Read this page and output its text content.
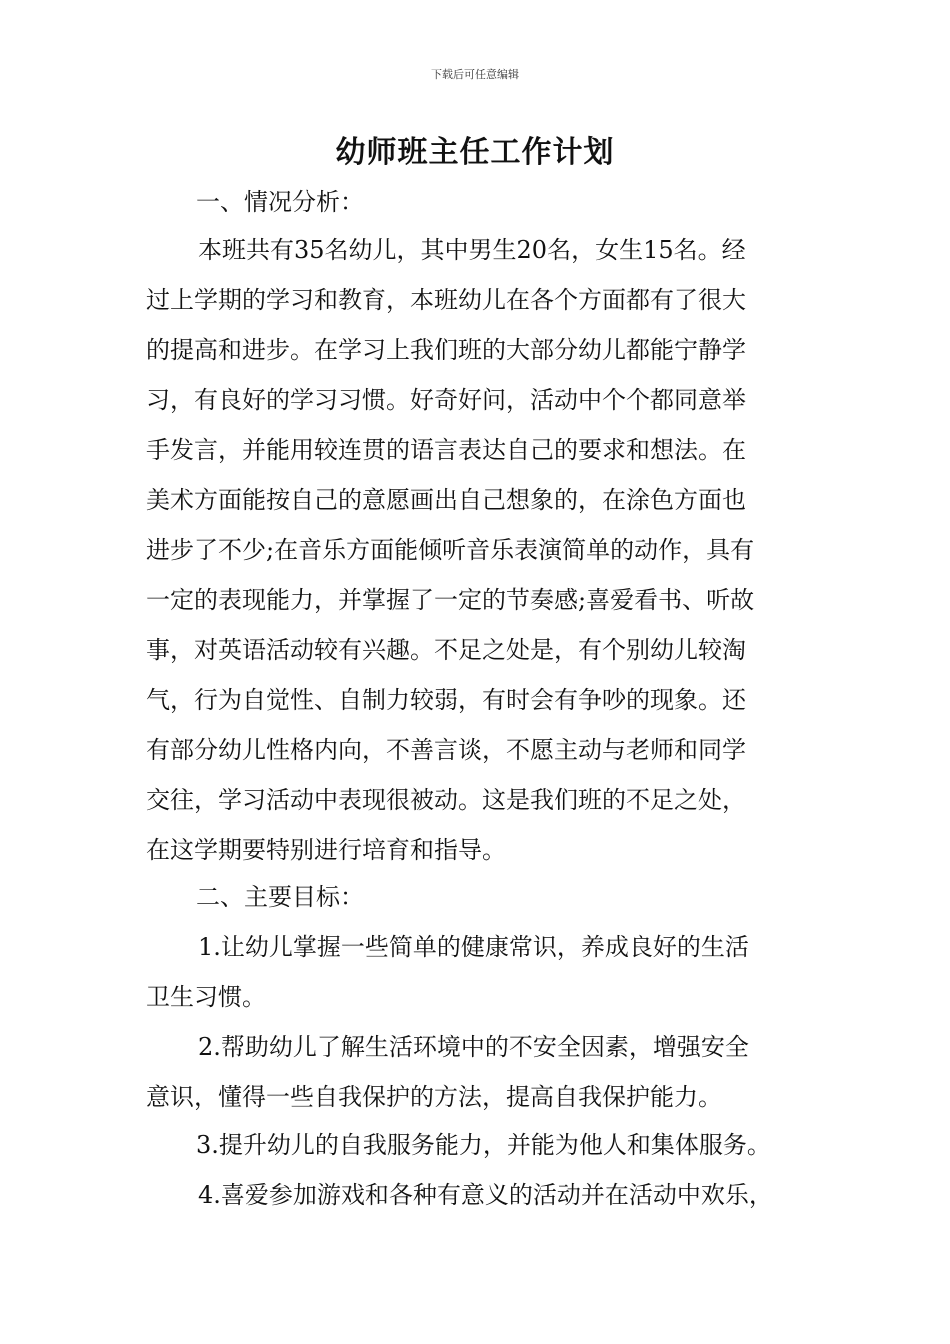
下载后可任意编辑
幼师班主任工作计划
一、情况分析：

本班共有35名幼儿，其中男生20名，女生15名。经

过上学期的学习和教育，本班幼儿在各个方面都有了很大

的提高和进步。在学习上我们班的大部分幼儿都能宁静学

习，有良好的学习习惯。好奇好问，活动中个个都同意举

手发言，并能用较连贯的语言表达自己的要求和想法。在

美术方面能按自己的意愿画出自己想象的，在涂色方面也

进步了不少;在音乐方面能倾听音乐表演简单的动作，具有

一定的表现能力，并掌握了一定的节奏感;喜爱看书、听故

事，对英语活动较有兴趣。不足之处是，有个别幼儿较淘

气，行为自觉性、自制力较弱，有时会有争吵的现象。还

有部分幼儿性格内向，不善言谈，不愿主动与老师和同学

交往，学习活动中表现很被动。这是我们班的不足之处，

在这学期要特别进行培育和指导。

二、主要目标：

1.让幼儿掌握一些简单的健康常识，养成良好的生活

卫生习惯。

2.帮助幼儿了解生活环境中的不安全因素，增强安全

意识，懂得一些自我保护的方法，提高自我保护能力。

3.提升幼儿的自我服务能力，并能为他人和集体服务。

4.喜爱参加游戏和各种有意义的活动并在活动中欢乐，
